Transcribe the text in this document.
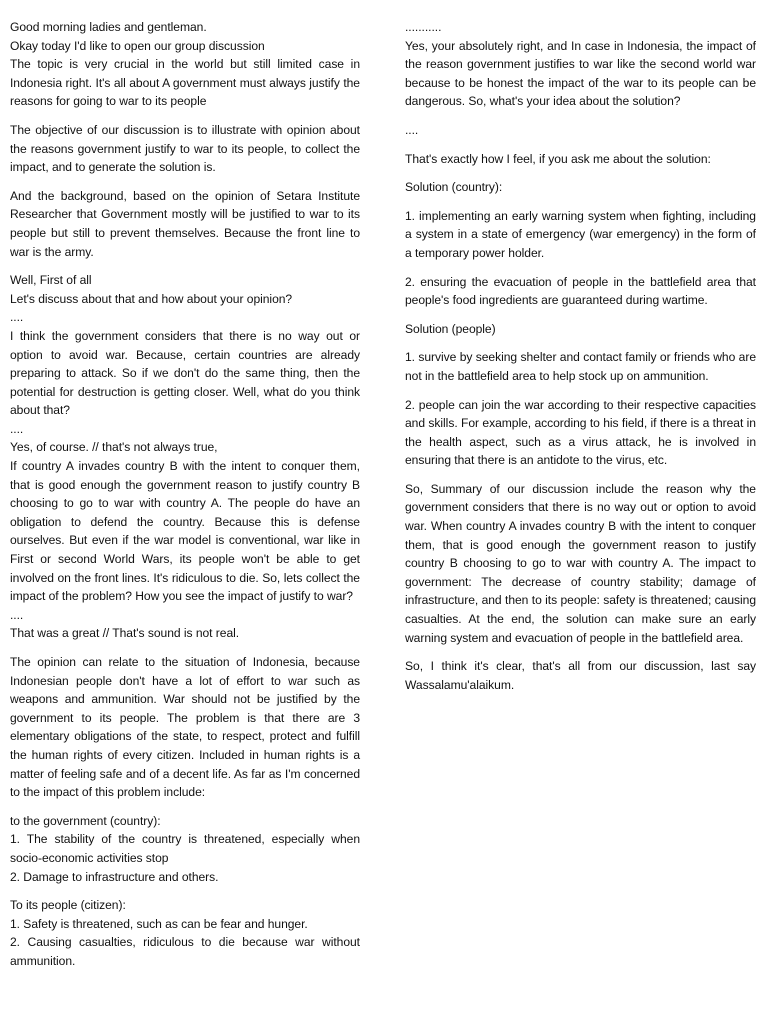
Good morning ladies and gentleman.
Okay today I'd like to open our group discussion
The topic is very crucial in the world but still limited case in Indonesia right. It's all about A government must always justify the reasons for going to war to its people

The objective of our discussion is to illustrate with opinion about the reasons government justify to war to its people, to collect the impact, and to generate the solution is.

And the background, based on the opinion of Setara Institute Researcher that Government mostly will be justified to war to its people but still to prevent themselves. Because the front line to war is the army.

Well, First of all
Let's discuss about that and how about your opinion?
....
I think the government considers that there is no way out or option to avoid war. Because, certain countries are already preparing to attack. So if we don't do the same thing, then the potential for destruction is getting closer. Well, what do you think about that?
....
Yes, of course. // that's not always true,
If country A invades country B with the intent to conquer them, that is good enough the government reason to justify country B choosing to go to war with country A. The people do have an obligation to defend the country. Because this is defense ourselves. But even if the war model is conventional, war like in First or second World Wars, its people won't be able to get involved on the front lines. It's ridiculous to die. So, lets collect the impact of the problem? How you see the impact of justify to war?
....
That was a great // That's sound is not real.

The opinion can relate to the situation of Indonesia, because Indonesian people don't have a lot of effort to war such as weapons and ammunition. War should not be justified by the government to its people. The problem is that there are 3 elementary obligations of the state, to respect, protect and fulfill the human rights of every citizen. Included in human rights is a matter of feeling safe and of a decent life. As far as I'm concerned to the impact of this problem include:

to the government (country):
1. The stability of the country is threatened, especially when socio-economic activities stop
2. Damage to infrastructure and others.

To its people (citizen):
1. Safety is threatened, such as can be fear and hunger.
2. Causing casualties, ridiculous to die because war without ammunition.

...........
Yes, your absolutely right, and In case in Indonesia, the impact of the reason government justifies to war like the second world war because to be honest the impact of the war to its people can be dangerous. So, what's your idea about the solution?

....

That's exactly how I feel, if you ask me about the solution:

Solution (country):

1. implementing an early warning system when fighting, including a system in a state of emergency (war emergency) in the form of a temporary power holder.

2. ensuring the evacuation of people in the battlefield area that people's food ingredients are guaranteed during wartime.

Solution (people)

1. survive by seeking shelter and contact family or friends who are not in the battlefield area to help stock up on ammunition.

2. people can join the war according to their respective capacities and skills. For example, according to his field, if there is a threat in the health aspect, such as a virus attack, he is involved in ensuring that there is an antidote to the virus, etc.

So, Summary of our discussion include the reason why the government considers that there is no way out or option to avoid war. When country A invades country B with the intent to conquer them, that is good enough the government reason to justify country B choosing to go to war with country A. The impact to government: The decrease of country stability; damage of infrastructure, and then to its people: safety is threatened; causing casualties. At the end, the solution can make sure an early warning system and evacuation of people in the battlefield area.

So, I think it's clear, that's all from our discussion, last say Wassalamu'alaikum.
